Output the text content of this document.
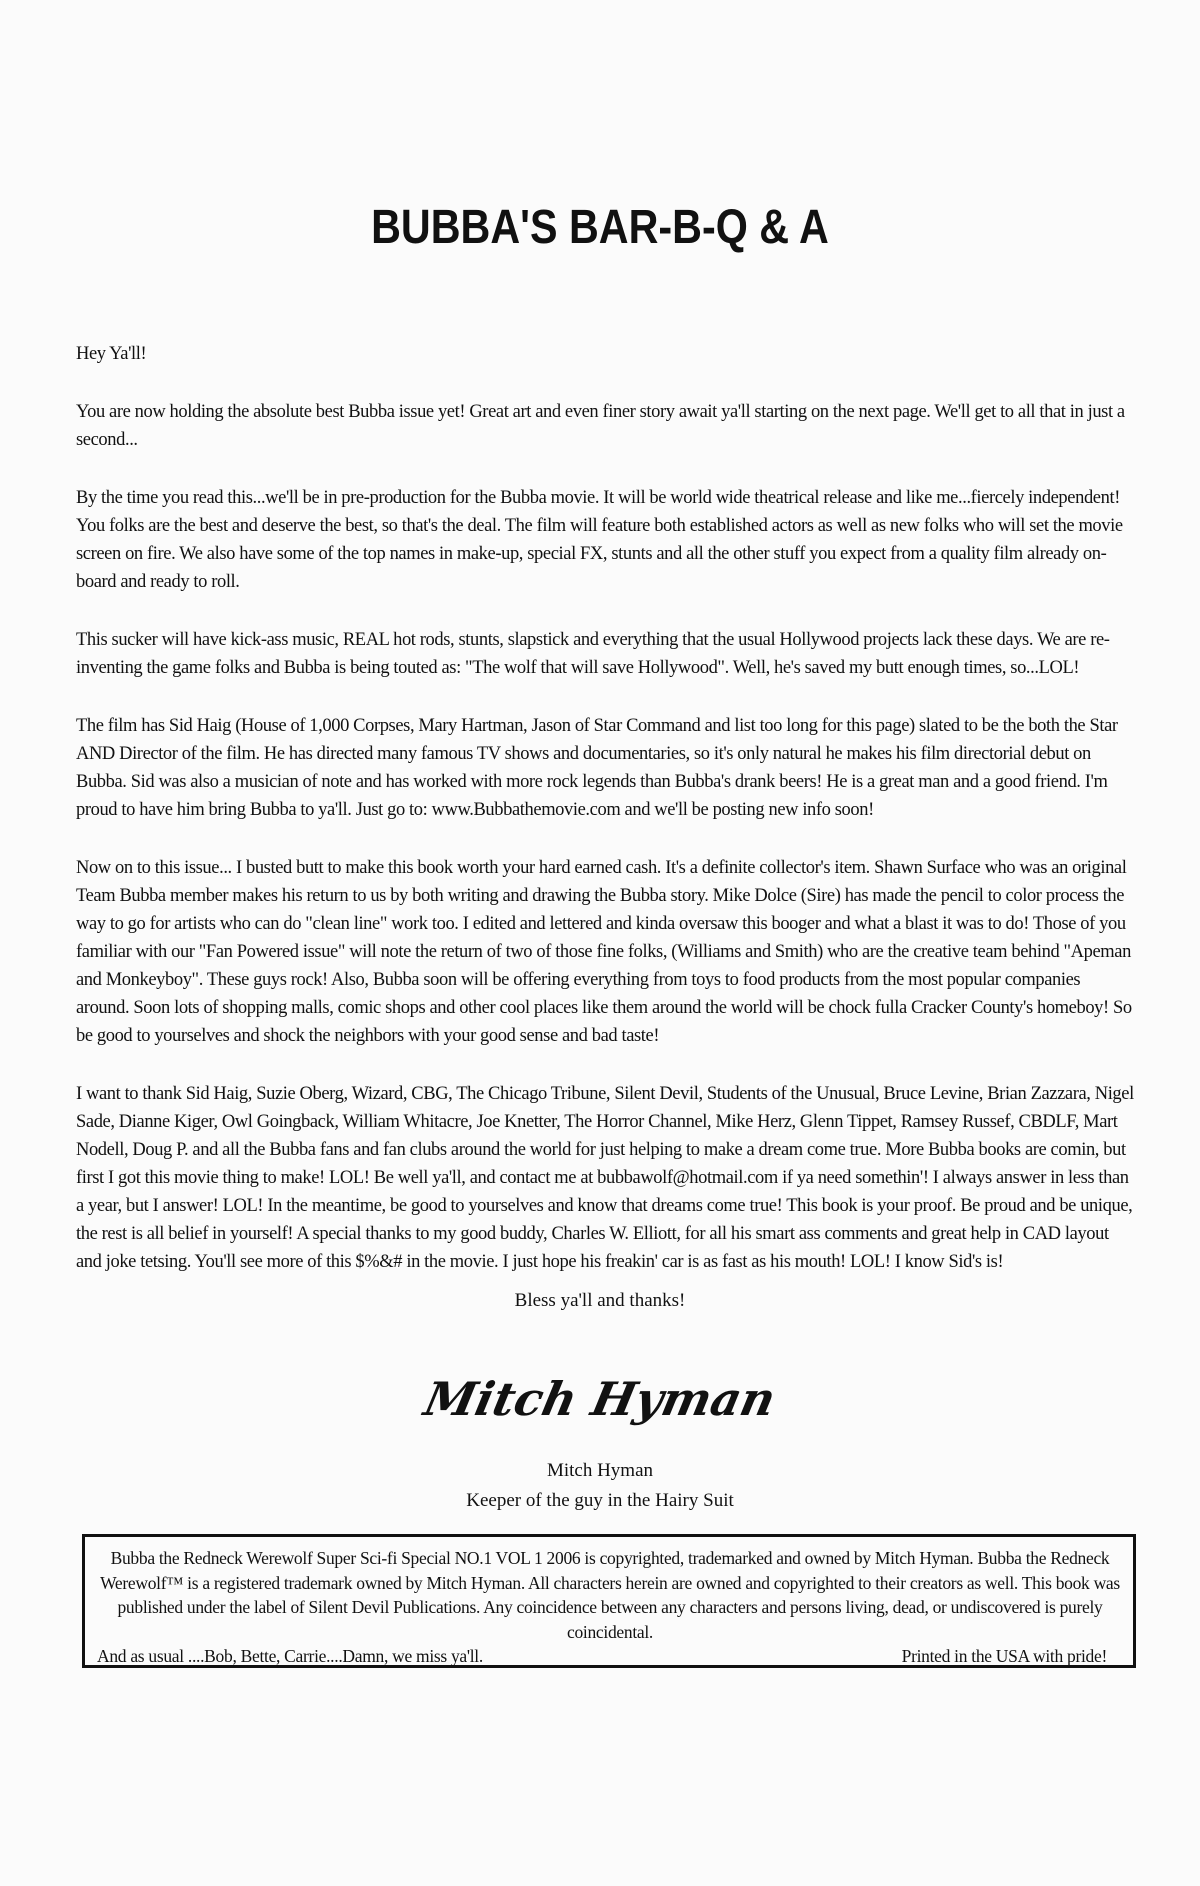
BUBBA'S BAR-B-Q & A

Hey Ya'll!

You are now holding the absolute best Bubba issue yet! Great art and even finer story await ya'll starting on the next page. We'll get to all that in just a second...

By the time you read this...we'll be in pre-production for the Bubba movie. It will be world wide theatrical release and like me...fiercely independent! You folks are the best and deserve the best, so that's the deal. The film will feature both established actors as well as new folks who will set the movie screen on fire. We also have some of the top names in make-up, special FX, stunts and all the other stuff you expect from a quality film already on-board and ready to roll.

This sucker will have kick-ass music, REAL hot rods, stunts, slapstick and everything that the usual Hollywood projects lack these days. We are re-inventing the game folks and Bubba is being touted as: "The wolf that will save Hollywood". Well, he's saved my butt enough times, so...LOL!

The film has Sid Haig (House of 1,000 Corpses, Mary Hartman, Jason of Star Command and list too long for this page) slated to be the both the Star AND Director of the film. He has directed many famous TV shows and documentaries, so it's only natural he makes his film directorial debut on Bubba. Sid was also a musician of note and has worked with more rock legends than Bubba's drank beers! He is a great man and a good friend. I'm proud to have him bring Bubba to ya'll. Just go to: www.Bubbathemovie.com and we'll be posting new info soon!

Now on to this issue... I busted butt to make this book worth your hard earned cash. It's a definite collector's item. Shawn Surface who was an original Team Bubba member makes his return to us by both writing and drawing the Bubba story. Mike Dolce (Sire) has made the pencil to color process the way to go for artists who can do "clean line" work too. I edited and lettered and kinda oversaw this booger and what a blast it was to do! Those of you familiar with our "Fan Powered issue" will note the return of two of those fine folks, (Williams and Smith) who are the creative team behind "Apeman and Monkeyboy". These guys rock! Also, Bubba soon will be offering everything from toys to food products from the most popular companies around. Soon lots of shopping malls, comic shops and other cool places like them around the world will be chock fulla Cracker County's homeboy! So be good to yourselves and shock the neighbors with your good sense and bad taste!

I want to thank Sid Haig, Suzie Oberg, Wizard, CBG, The Chicago Tribune, Silent Devil, Students of the Unusual, Bruce Levine, Brian Zazzara, Nigel Sade, Dianne Kiger, Owl Goingback, William Whitacre, Joe Knetter, The Horror Channel, Mike Herz, Glenn Tippet, Ramsey Russef, CBDLF, Mart Nodell, Doug P. and all the Bubba fans and fan clubs around the world for just helping to make a dream come true. More Bubba books are comin, but first I got this movie thing to make! LOL! Be well ya'll, and contact me at bubbawolf@hotmail.com if ya need somethin'! I always answer in less than a year, but I answer! LOL! In the meantime, be good to yourselves and know that dreams come true! This book is your proof. Be proud and be unique, the rest is all belief in yourself! A special thanks to my good buddy, Charles W. Elliott, for all his smart ass comments and great help in CAD layout and joke tetsing. You'll see more of this $%&# in the movie. I just hope his freakin' car is as fast as his mouth! LOL! I know Sid's is!

Bless ya'll and thanks!
Mitch Hyman
Mitch Hyman
Keeper of the guy in the Hairy Suit

Bubba the Redneck Werewolf Super Sci-fi Special NO.1 VOL 1 2006 is copyrighted, trademarked and owned by Mitch Hyman. Bubba the Redneck

Werewolf™ is a registered trademark owned by Mitch Hyman. All characters herein are owned and copyrighted to their creators as well. This book was

published under the label of Silent Devil Publications. Any coincidence between any characters and persons living, dead, or undiscovered is purely coincidental.

And as usual ....Bob, Bette, Carrie....Damn, we miss ya'll.	Printed in the USA with pride!
